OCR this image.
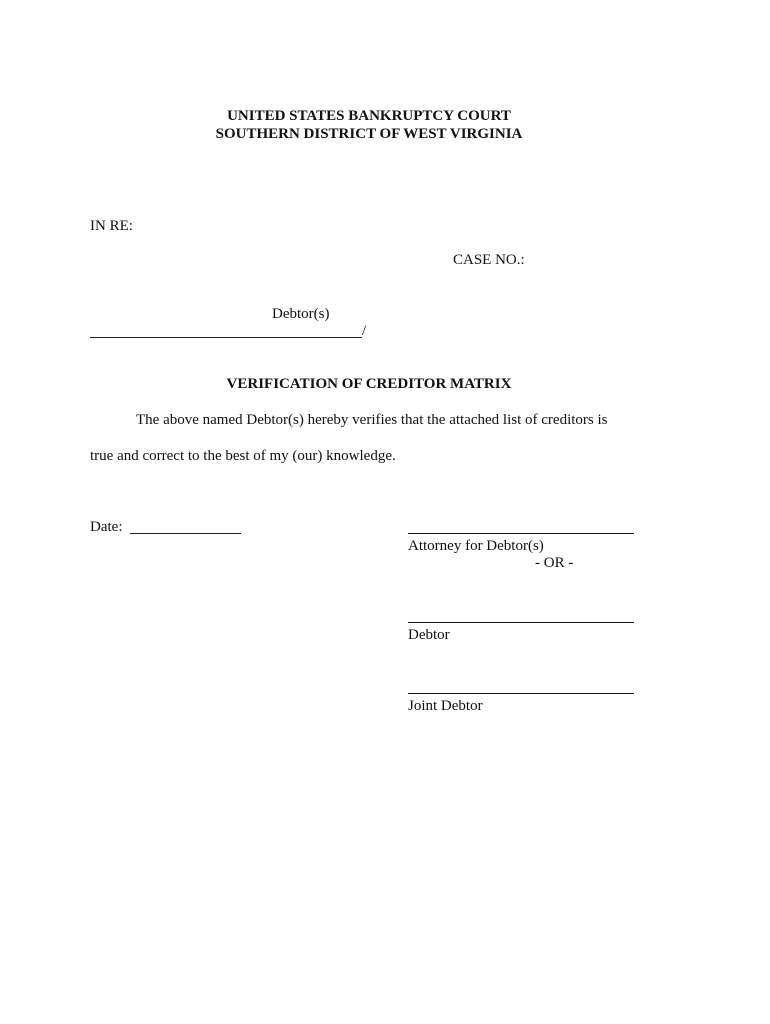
UNITED STATES BANKRUPTCY COURT
SOUTHERN DISTRICT OF WEST VIRGINIA
IN RE:
CASE NO.:
Debtor(s)
/
VERIFICATION OF CREDITOR MATRIX
The above named Debtor(s) hereby verifies that the attached list of creditors is
true and correct to the best of my (our) knowledge.
Date:
Attorney for Debtor(s)
- OR -
Debtor
Joint Debtor
